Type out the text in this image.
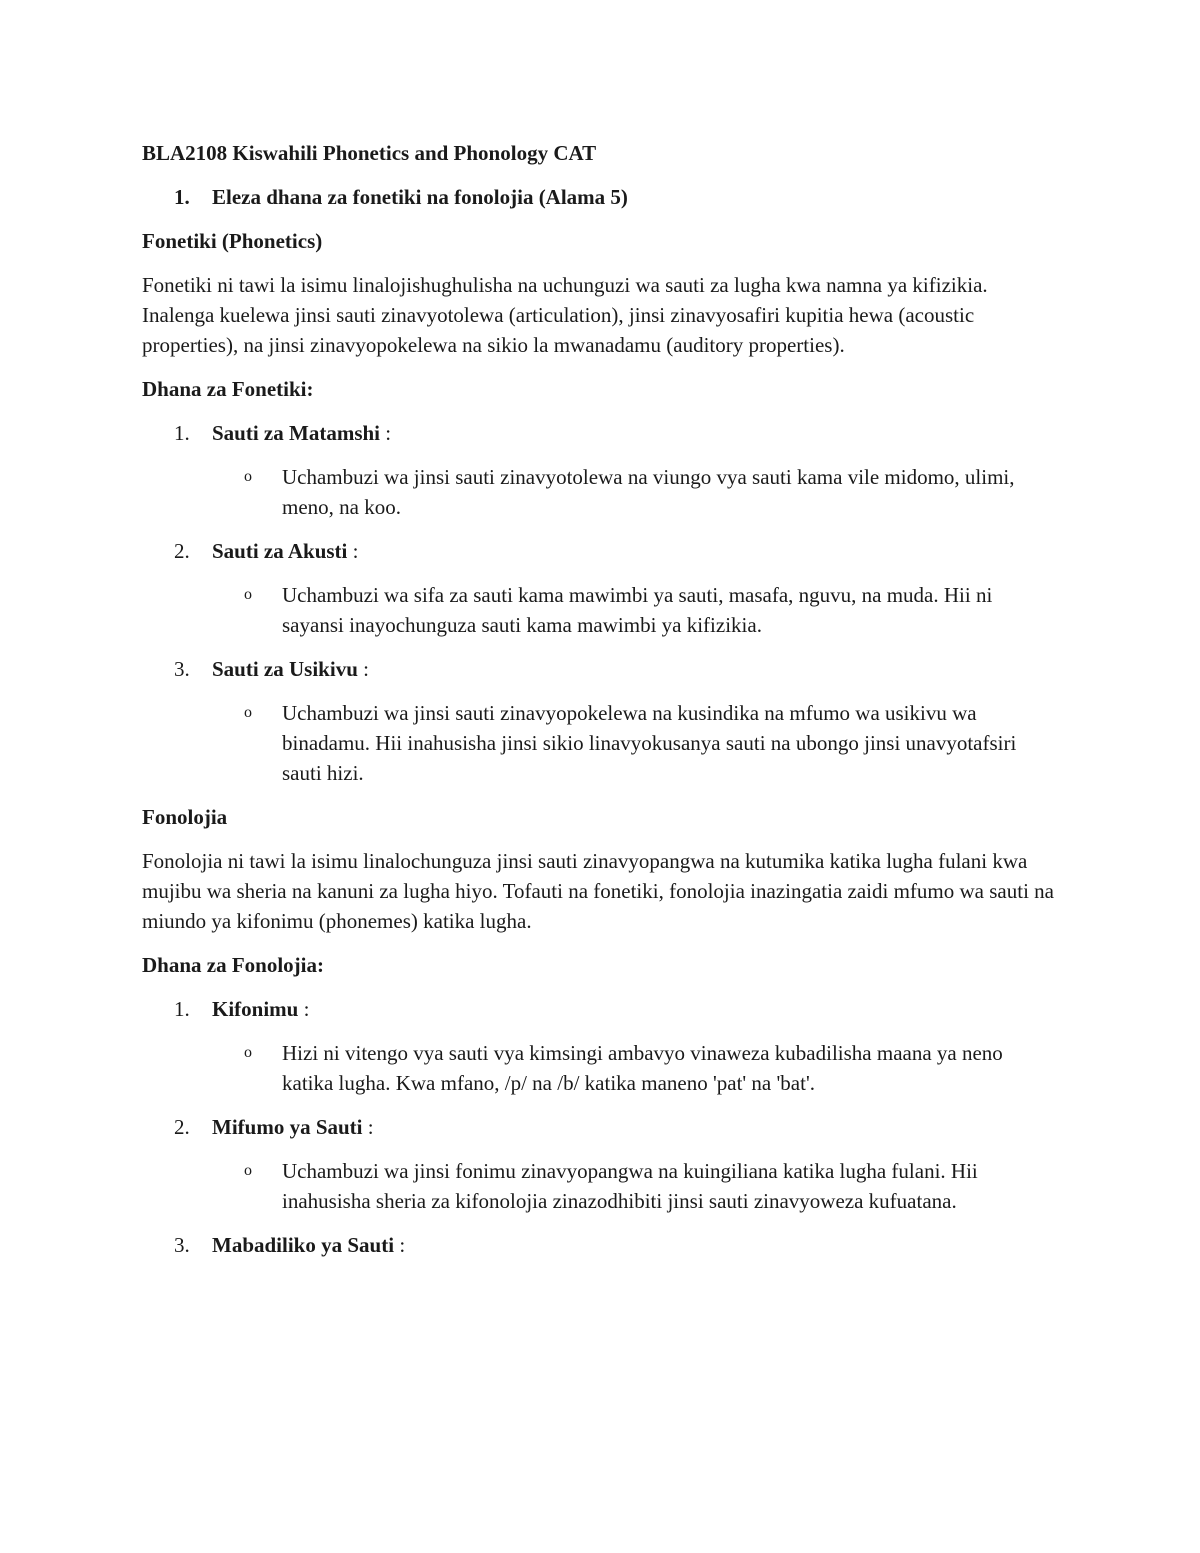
BLA2108 Kiswahili Phonetics and Phonology CAT
1.	Eleza dhana za fonetiki na fonolojia (Alama 5)
Fonetiki (Phonetics)
Fonetiki ni tawi la isimu linalojishughulisha na uchunguzi wa sauti za lugha kwa namna ya kifizikia. Inalenga kuelewa jinsi sauti zinavyotolewa (articulation), jinsi zinavyosafiri kupitia hewa (acoustic properties), na jinsi zinavyopokelewa na sikio la mwanadamu (auditory properties).
Dhana za Fonetiki:
1.	Sauti za Matamshi :
o	Uchambuzi wa jinsi sauti zinavyotolewa na viungo vya sauti kama vile midomo, ulimi, meno, na koo.
2.	Sauti za Akusti :
o	Uchambuzi wa sifa za sauti kama mawimbi ya sauti, masafa, nguvu, na muda. Hii ni sayansi inayochunguza sauti kama mawimbi ya kifizikia.
3.	Sauti za Usikivu :
o	Uchambuzi wa jinsi sauti zinavyopokelewa na kusindika na mfumo wa usikivu wa binadamu. Hii inahusisha jinsi sikio linavyokusanya sauti na ubongo jinsi unavyotafsiri sauti hizi.
Fonolojia
Fonolojia ni tawi la isimu linalochunguza jinsi sauti zinavyopangwa na kutumika katika lugha fulani kwa mujibu wa sheria na kanuni za lugha hiyo. Tofauti na fonetiki, fonolojia inazingatia zaidi mfumo wa sauti na miundo ya kifonimu (phonemes) katika lugha.
Dhana za Fonolojia:
1.	Kifonimu :
o	Hizi ni vitengo vya sauti vya kimsingi ambavyo vinaweza kubadilisha maana ya neno katika lugha. Kwa mfano, /p/ na /b/ katika maneno 'pat' na 'bat'.
2.	Mifumo ya Sauti :
o	Uchambuzi wa jinsi fonimu zinavyopangwa na kuingiliana katika lugha fulani. Hii inahusisha sheria za kifonolojia zinazodhibiti jinsi sauti zinavyoweza kufuatana.
3.	Mabadiliko ya Sauti :
